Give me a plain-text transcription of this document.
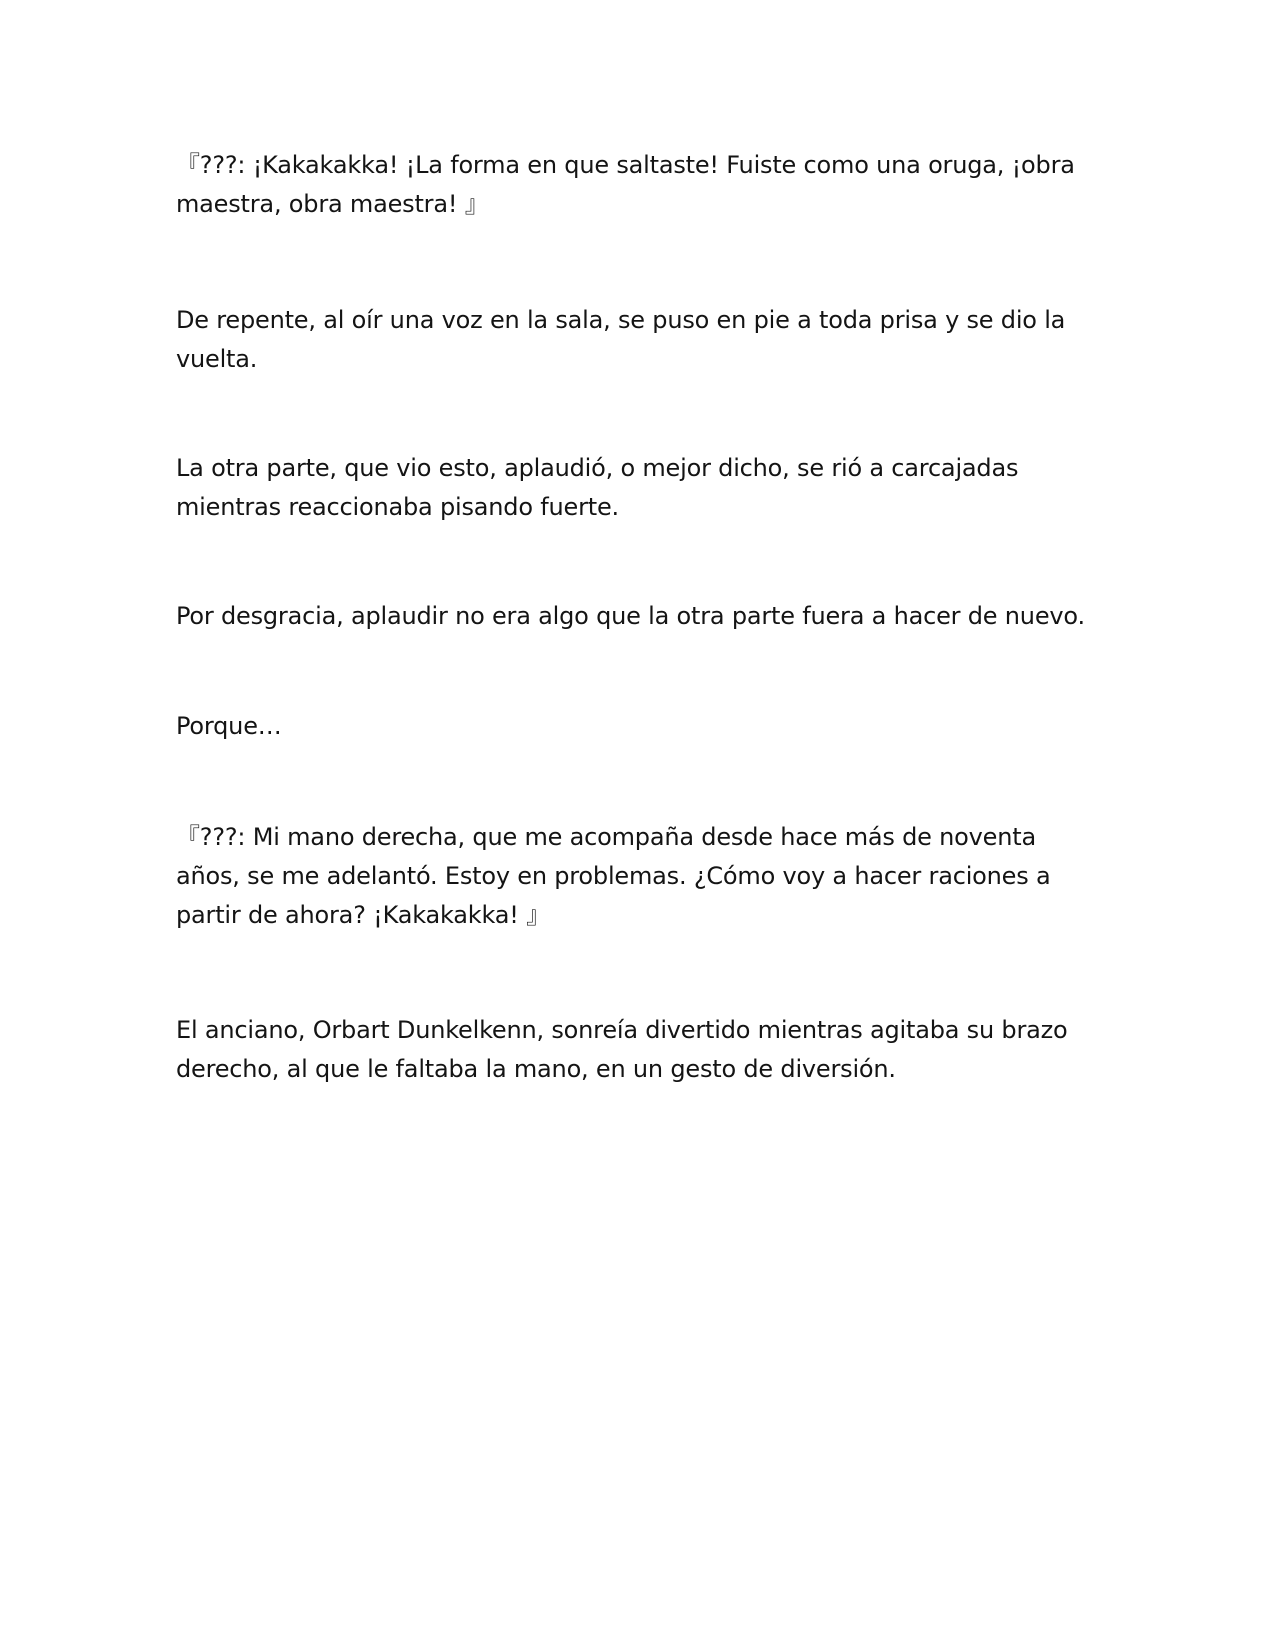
『???: ¡Kakakakka! ¡La forma en que saltaste! Fuiste como una oruga, ¡obra
maestra, obra maestra! 』

De repente, al oír una voz en la sala, se puso en pie a toda prisa y se dio la
vuelta.

La otra parte, que vio esto, aplaudió, o mejor dicho, se rió a carcajadas
mientras reaccionaba pisando fuerte.

Por desgracia, aplaudir no era algo que la otra parte fuera a hacer de nuevo.

Porque…

『???: Mi mano derecha, que me acompaña desde hace más de noventa
años, se me adelantó. Estoy en problemas. ¿Cómo voy a hacer raciones a
partir de ahora? ¡Kakakakka! 』

El anciano, Orbart Dunkelkenn, sonreía divertido mientras agitaba su brazo
derecho, al que le faltaba la mano, en un gesto de diversión.
